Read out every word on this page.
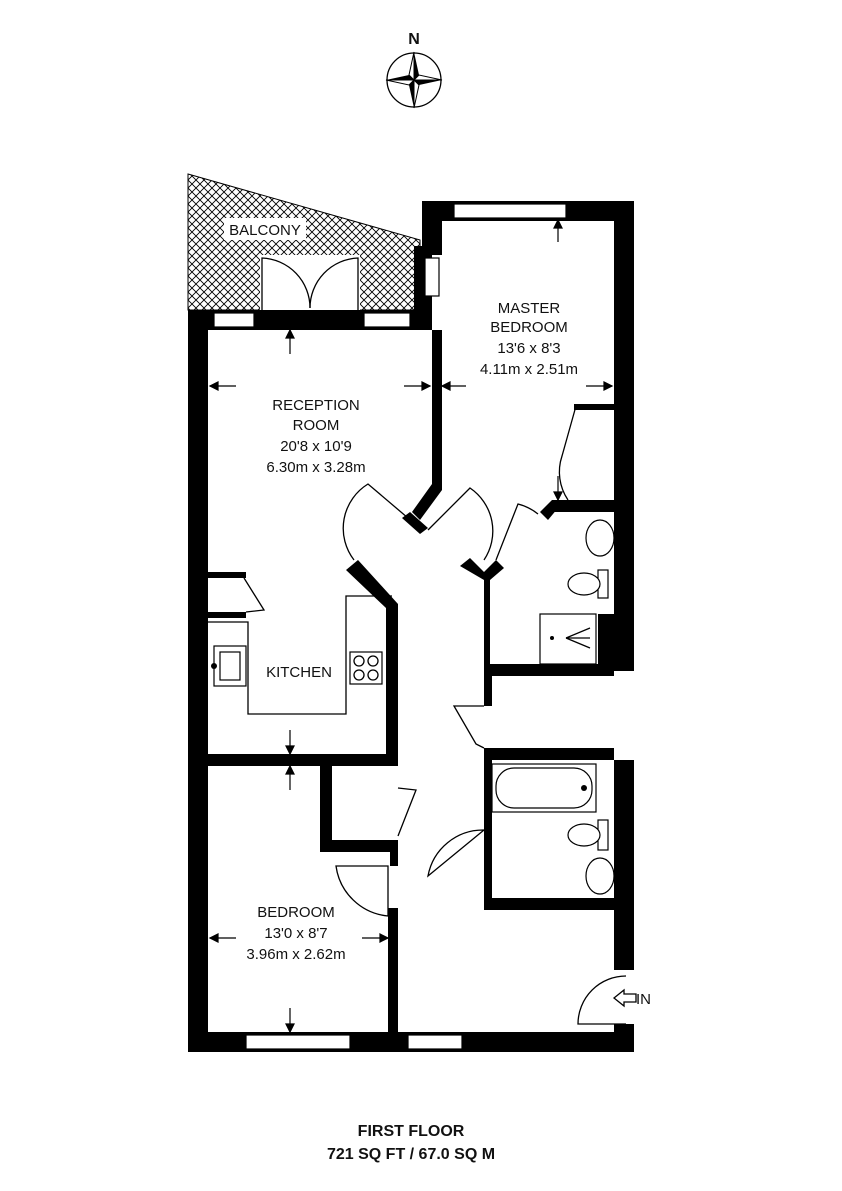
N
BALCONY
IN
MASTER
BEDROOM
13'6 x 8'3
4.11m x 2.51m
RECEPTION
ROOM
20'8 x 10'9
6.30m x 3.28m
KITCHEN
BEDROOM
13'0 x 8'7
3.96m x 2.62m
FIRST FLOOR
721 SQ FT / 67.0 SQ M
